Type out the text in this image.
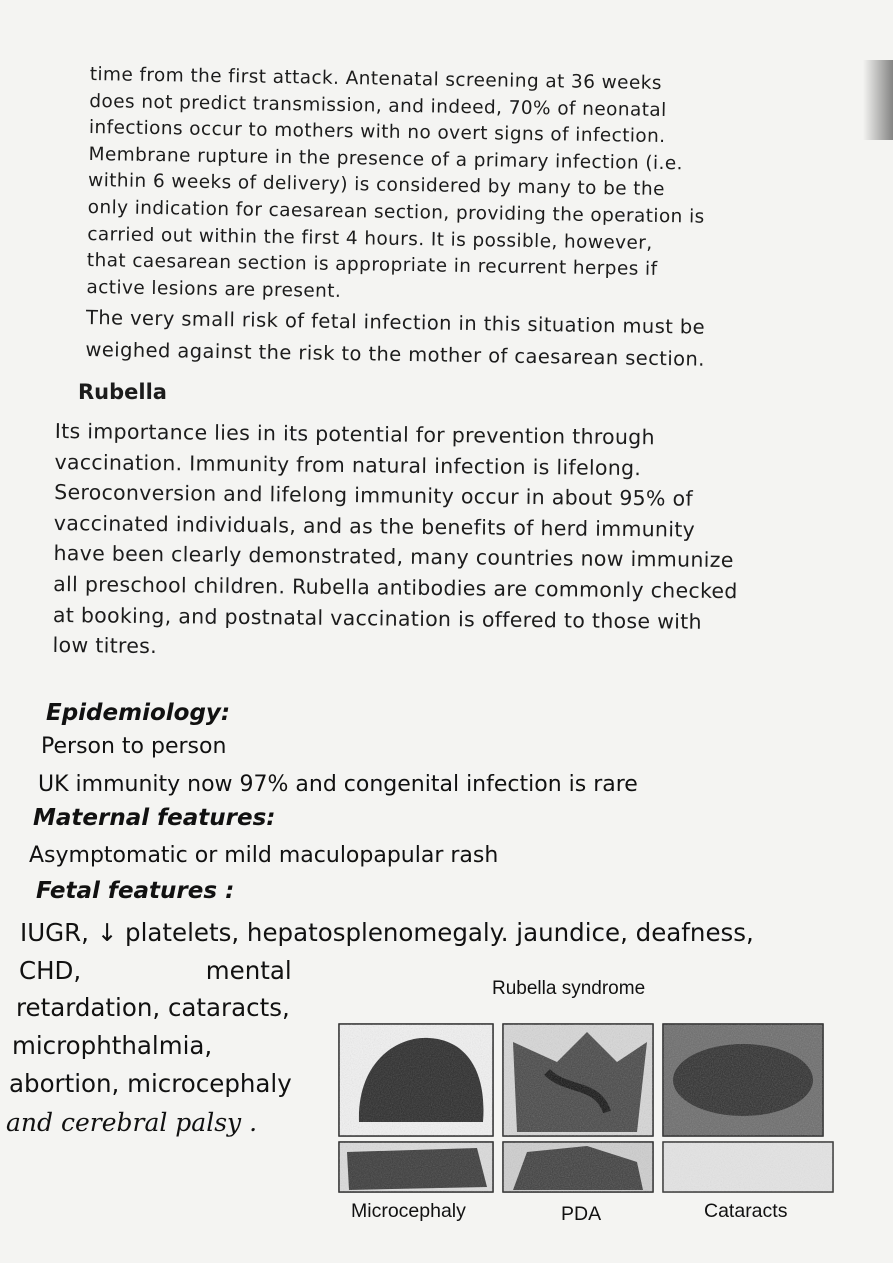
time from the first attack. Antenatal screening at 36 weeks

does not predict transmission, and indeed, 70% of neonatal

infections occur to mothers with no overt signs of infection.

Membrane rupture in the presence of a primary infection (i.e.

within 6 weeks of delivery) is considered by many to be the

only indication for caesarean section, providing the operation is

carried out within the first 4 hours. It is possible, however,

that caesarean section is appropriate in recurrent herpes if

active lesions are present.

The very small risk of fetal infection in this situation must be

weighed against the risk to the mother of caesarean section.

Rubella

Its importance lies in its potential for prevention through

vaccination. Immunity from natural infection is lifelong.

Seroconversion and lifelong immunity occur in about 95% of

vaccinated individuals, and as the benefits of herd immunity

have been clearly demonstrated, many countries now immunize

all preschool children. Rubella antibodies are commonly checked

at booking, and postnatal vaccination is offered to those with

low titres.

Epidemiology:
Person to person
UK immunity now 97% and congenital infection is rare
Maternal features:
Asymptomatic or mild maculopapular rash
Fetal features :
IUGR, ↓ platelets, hepatosplenomegaly. jaundice, deafness,
CHD,                mental
retardation, cataracts,
microphthalmia,
abortion, microcephaly
and cerebral palsy .
Rubella syndrome
Microcephaly	PDA	Cataracts
